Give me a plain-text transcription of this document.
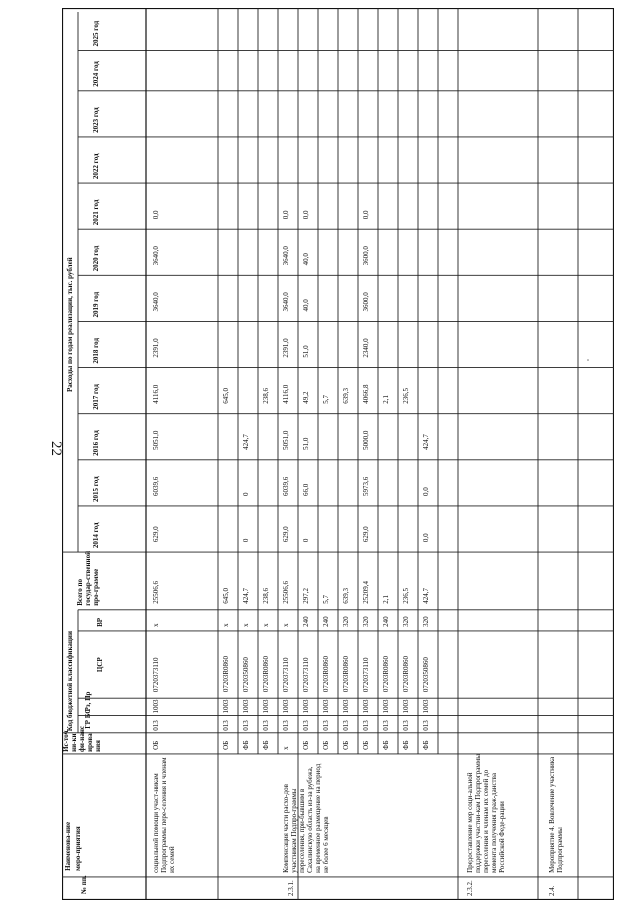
22
№ пп.
Наименова-ние меро-приятия
Ис-точ ни-ки фи-нанс ирова ния
Код бюджетной классификации ГР БС
Рз, Пр
ЦСР
ВР
Всего по государ-ственной про-грамме
Расходы по годам реализации, тыс. рублей
2014 год
2015 год
2016 год
2017 год
2018 год
2019 год
2020 год
2021 год
2022 год
2023 год
2024 год
2025 год
социальной помощи участ-никам Подпрограммы пере-селения и членам их семей
ОБ
013
1003
0720373110
х
25506,6
629,0
6039,6
5051,0
4116,0
2391,0
3640,0
3640,0
0,0
ОБ
013
1003
07203R0860
х
645,0
645,0
ФБ
013
1003
0720350860
х
424,7
0
0
424,7
ФБ
013
1003
07203R0860
х
238,6
238,6
2.3.1.
Компенсация части расхо-дов участникам Подпро-граммы переселения, при-бывшим в Сахалинскую область из-за рубежа, на временное размещение на период не более 6 месяцев
х
013
1003
0720373110
х
25506,6
629,0
6039,6
5051,0
4116,0
2391,0
3640,0
3640,0
0,0
ОБ
013
1003
0720373110
240
297,2
0
66,0
51,0
49,2
51,0
40,0
40,0
0,0
ОБ
013
1003
07203R0860
240
5,7
5,7
ОБ
013
1003
07203R0860
320
639,3
639,3
ОБ
013
1003
0720373110
320
25209,4
629,0
5973,6
5000,0
4066,8
2340,0
3600,0
3600,0
0,0
ФБ
013
1003
07203R0860
240
2,1
2,1
ФБ
013
1003
07203R0860
320
236,5
236,5
ФБ
013
1003
0720350860
320
424,7
0,0
0,0
424,7
2.3.2.
Предоставление мер соци-альной поддержки участни-кам Подпрограммы переселения и членам их семей до момента получения граж-данства Российской Феде-рации
2.4.
Мероприятие 4. Вовлечение участника Подпрограммы
